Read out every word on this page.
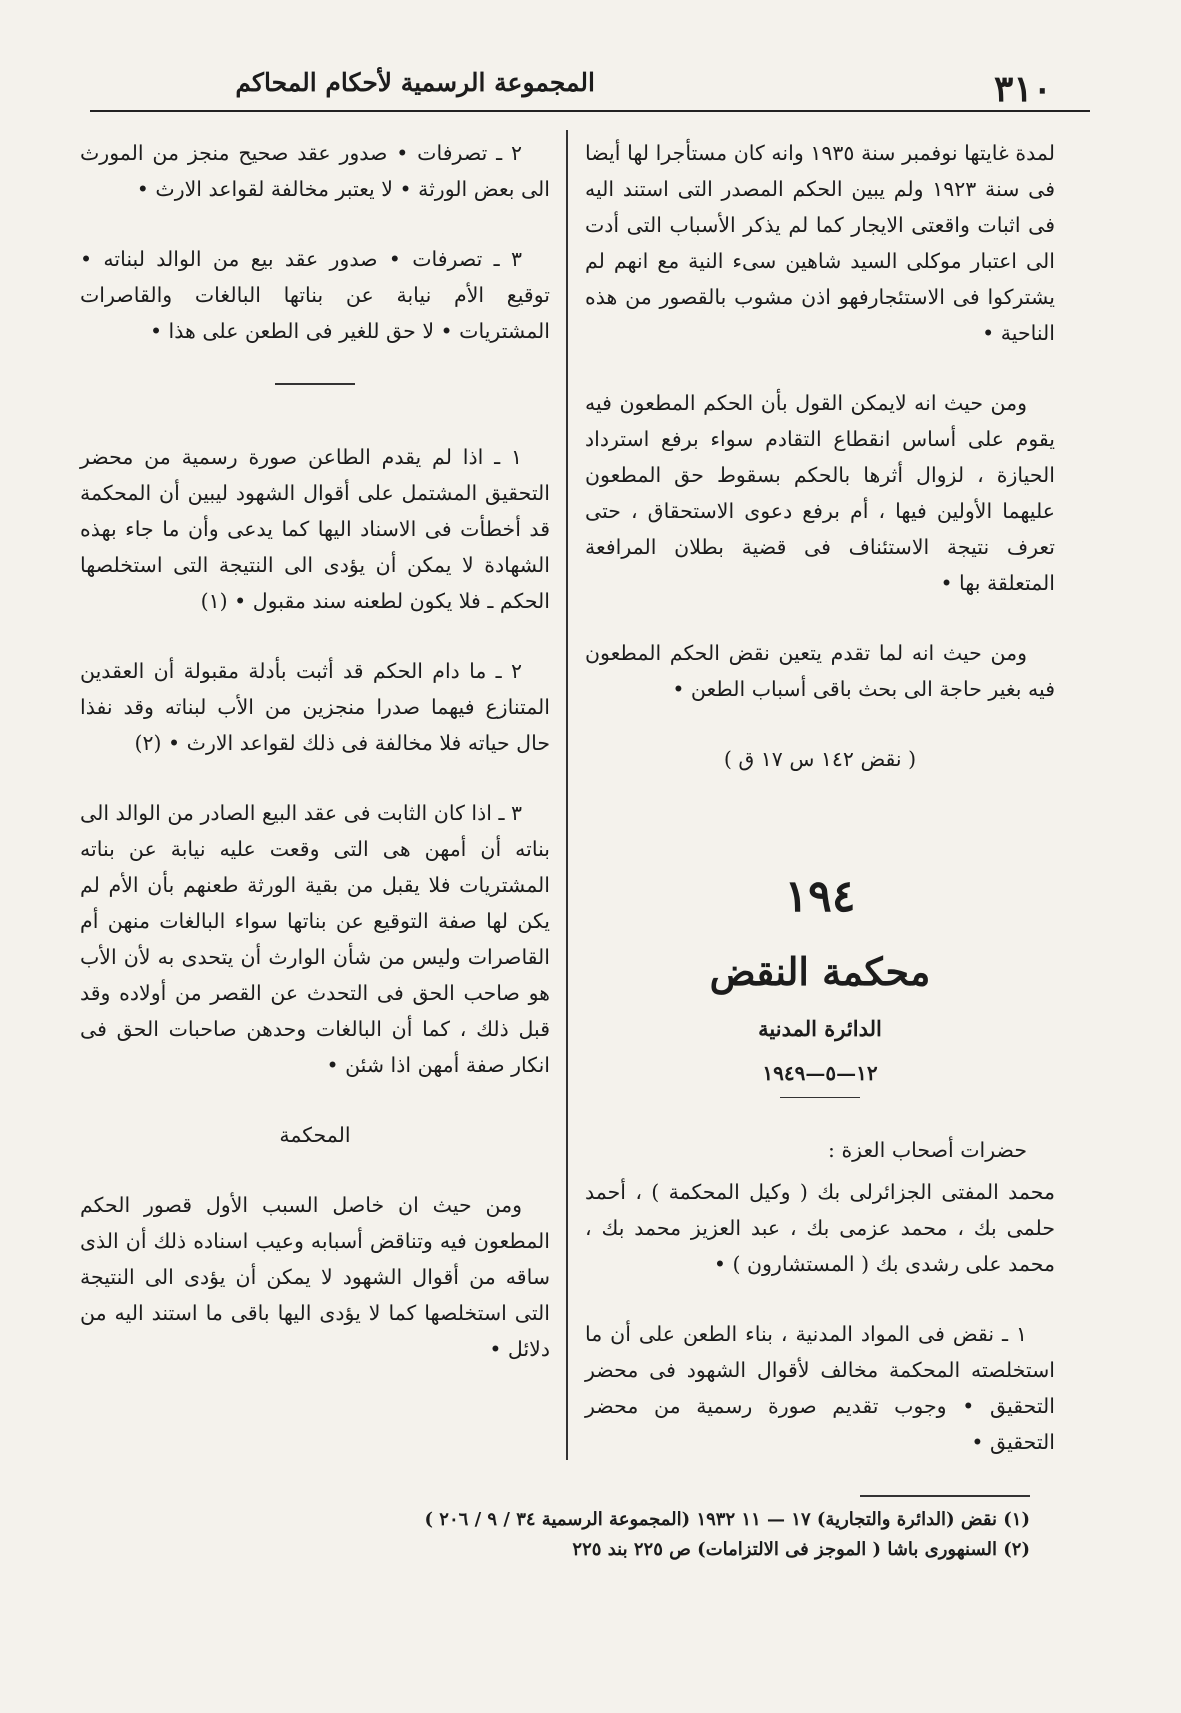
٣١٠
المجموعة الرسمية لأحكام المحاكم

لمدة غايتها نوفمبر سنة ١٩٣٥ وانه كان مستأجرا لها أيضا فى سنة ١٩٢٣ ولم يبين الحكم المصدر التى استند اليه فى اثبات واقعتى الايجار كما لم يذكر الأسباب التى أدت الى اعتبار موكلى السيد شاهين سىء النية مع انهم لم يشتركوا فى الاستئجارفهو اذن مشوب بالقصور من هذه الناحية •

ومن حيث انه لايمكن القول بأن الحكم المطعون فيه يقوم على أساس انقطاع التقادم سواء برفع استرداد الحيازة ، لزوال أثرها بالحكم بسقوط حق المطعون عليهما الأولين فيها ، أم برفع دعوى الاستحقاق ، حتى تعرف نتيجة الاستئناف فى قضية بطلان المرافعة المتعلقة بها •

ومن حيث انه لما تقدم يتعين نقض الحكم المطعون فيه بغير حاجة الى بحث باقى أسباب الطعن •

( نقض ١٤٢ س ١٧ ق )

١٩٤
محكمة النقض
الدائرة المدنية
١٢—٥—١٩٤٩

حضرات أصحاب العزة :

محمد المفتى الجزائرلى بك ( وكيل المحكمة ) ، أحمد حلمى بك ، محمد عزمى بك ، عبد العزيز محمد بك ، محمد على رشدى بك ( المستشارون ) •

١ ـ نقض فى المواد المدنية ، بناء الطعن على أن ما استخلصته المحكمة مخالف لأقوال الشهود فى محضر التحقيق • وجوب تقديم صورة رسمية من محضر التحقيق •

٢ ـ تصرفات • صدور عقد صحيح منجز من المورث الى بعض الورثة • لا يعتبر مخالفة لقواعد الارث •

٣ ـ تصرفات • صدور عقد بيع من الوالد لبناته • توقيع الأم نيابة عن بناتها البالغات والقاصرات المشتريات • لا حق للغير فى الطعن على هذا •

١ ـ اذا لم يقدم الطاعن صورة رسمية من محضر التحقيق المشتمل على أقوال الشهود ليبين أن المحكمة قد أخطأت فى الاسناد اليها كما يدعى وأن ما جاء بهذه الشهادة لا يمكن أن يؤدى الى النتيجة التى استخلصها الحكم ـ فلا يكون لطعنه سند مقبول • (١)

٢ ـ ما دام الحكم قد أثبت بأدلة مقبولة أن العقدين المتنازع فيهما صدرا منجزين من الأب لبناته وقد نفذا حال حياته فلا مخالفة فى ذلك لقواعد الارث • (٢)

٣ ـ اذا كان الثابت فى عقد البيع الصادر من الوالد الى بناته أن أمهن هى التى وقعت عليه نيابة عن بناته المشتريات فلا يقبل من بقية الورثة طعنهم بأن الأم لم يكن لها صفة التوقيع عن بناتها سواء البالغات منهن أم القاصرات وليس من شأن الوارث أن يتحدى به لأن الأب هو صاحب الحق فى التحدث عن القصر من أولاده وقد قبل ذلك ، كما أن البالغات وحدهن صاحبات الحق فى انكار صفة أمهن اذا شئن •

المحكمة

ومن حيث ان خاصل السبب الأول قصور الحكم المطعون فيه وتناقض أسبابه وعيب اسناده ذلك أن الذى ساقه من أقوال الشهود لا يمكن أن يؤدى الى النتيجة التى استخلصها كما لا يؤدى اليها باقى ما استند اليه من دلائل •

(١) نقض (الدائرة والتجارية) ١٧ — ١١ ١٩٣٢ (المجموعة الرسمية ٣٤ / ٩ / ٢٠٦ )
(٢) السنهورى باشا ( الموجز فى الالتزامات) ص ٢٢٥ بند ٢٢٥
